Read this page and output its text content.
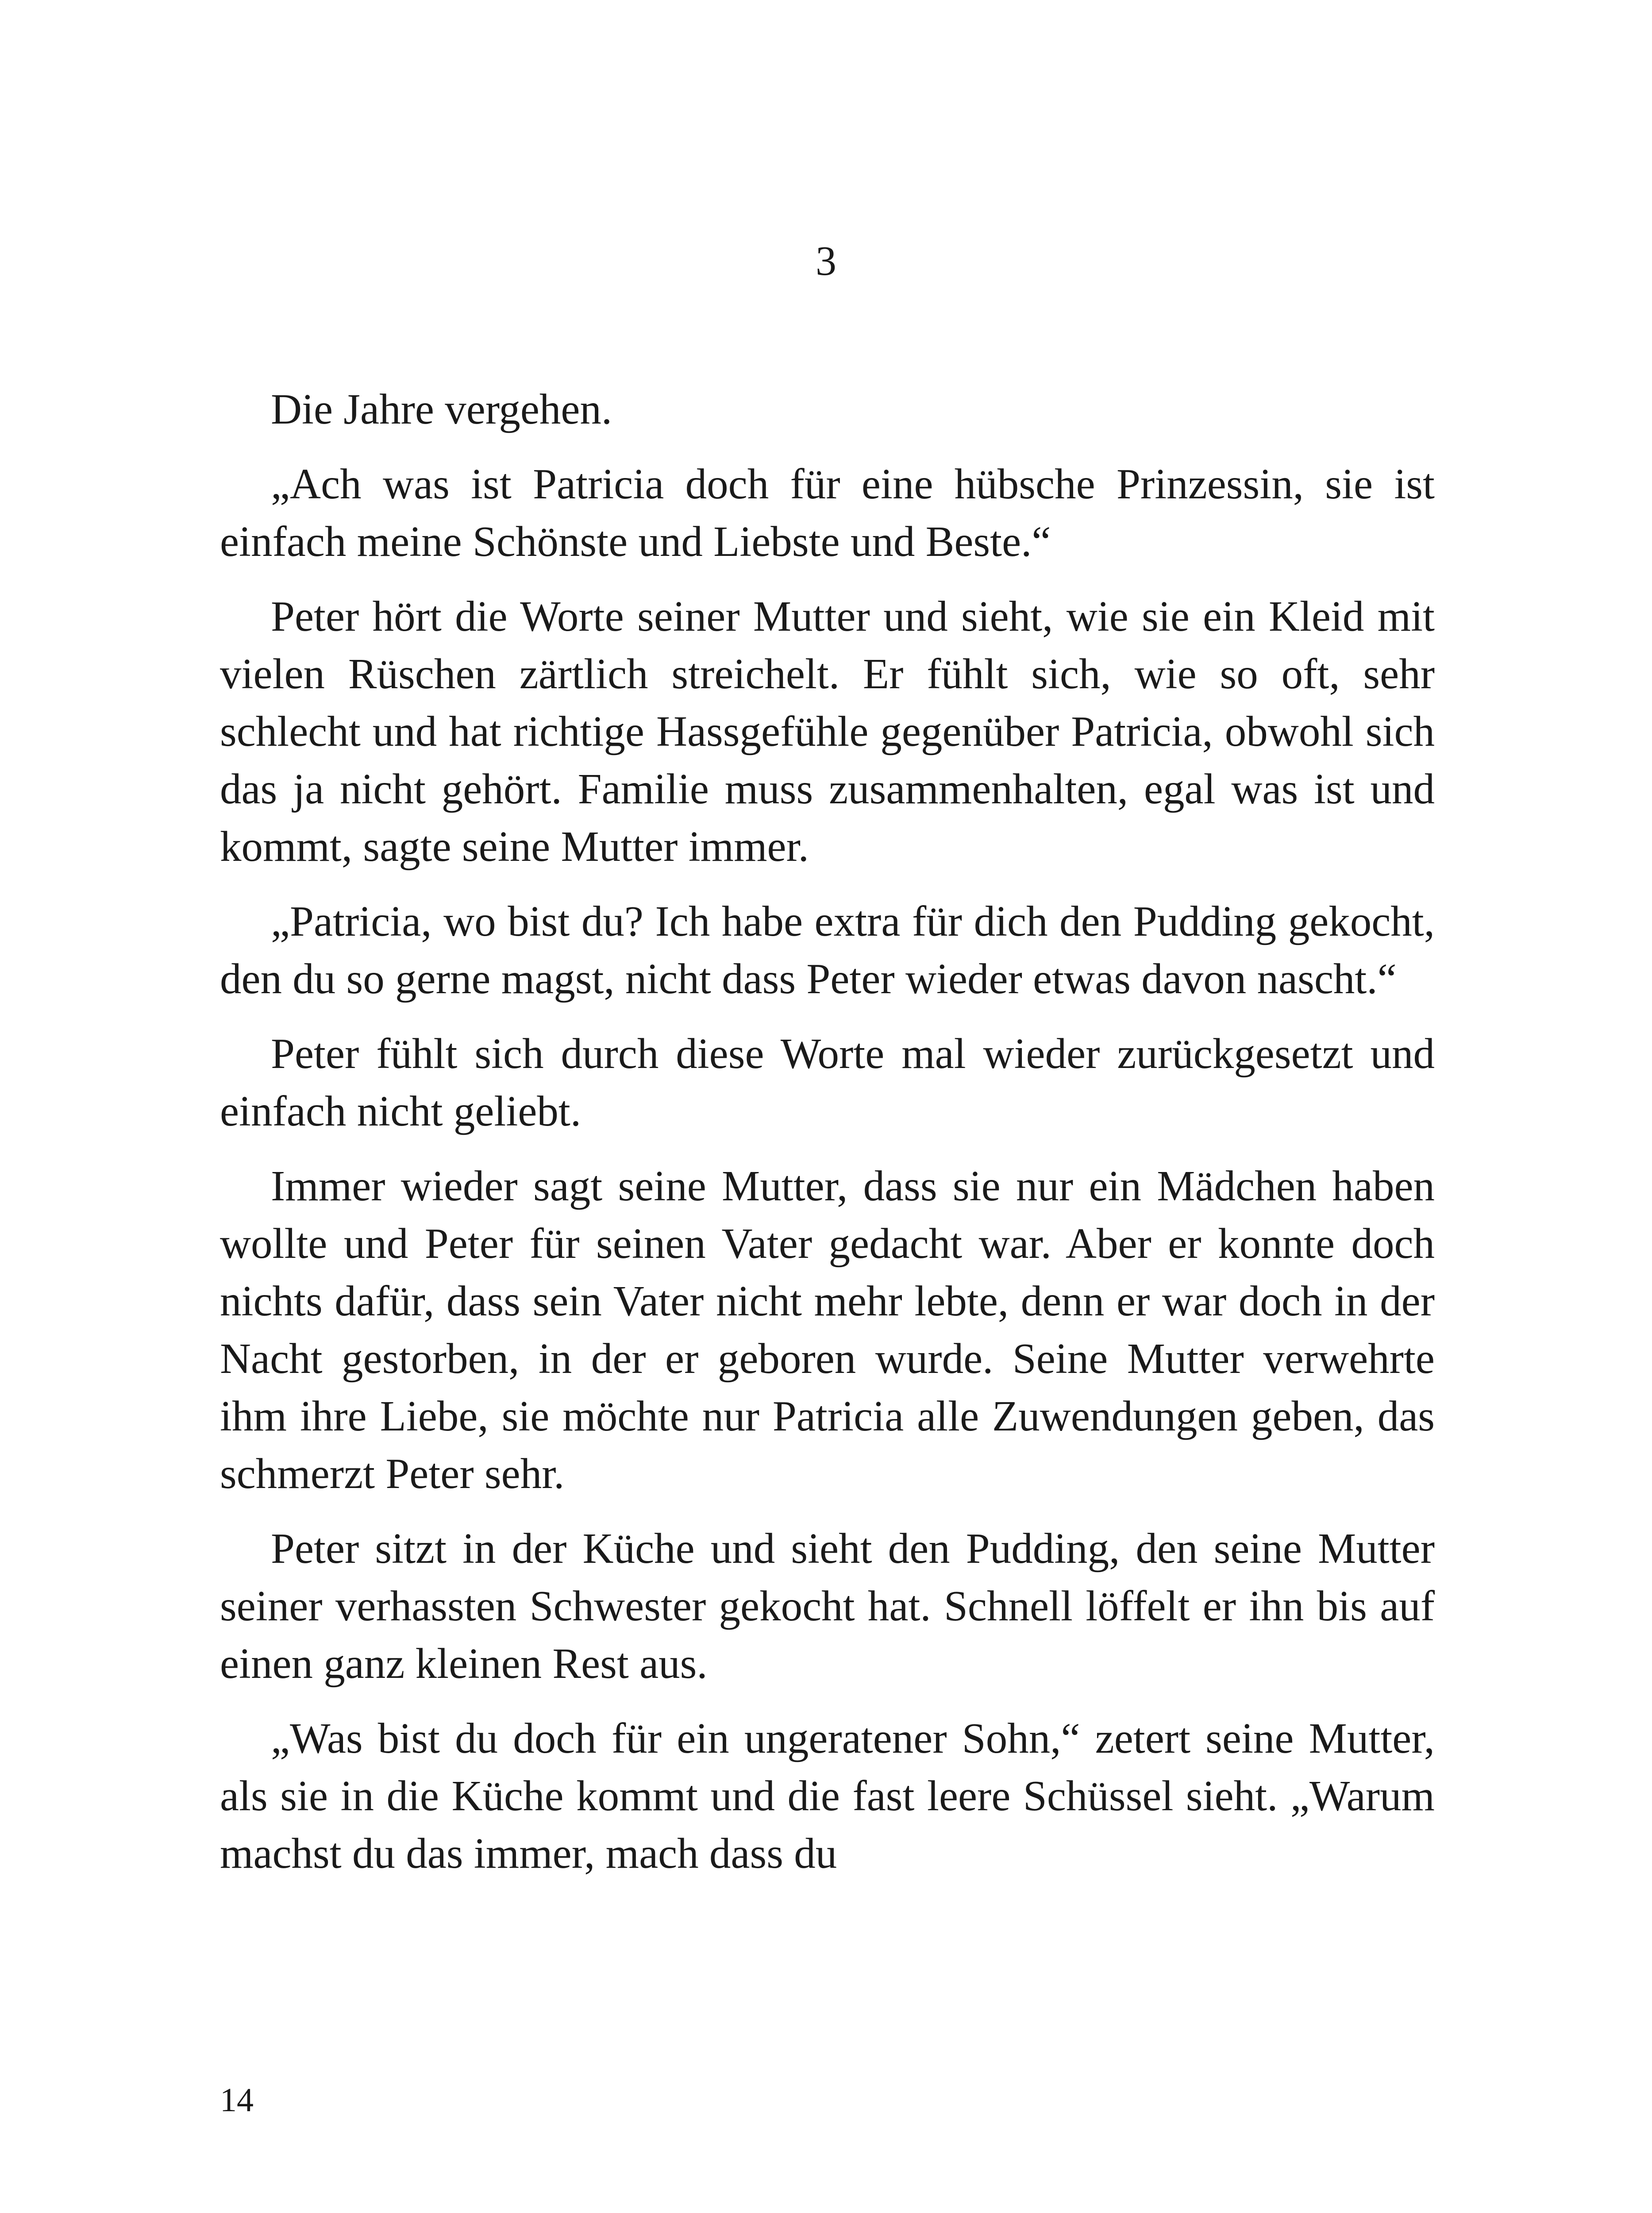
3

Die Jahre vergehen.

„Ach was ist Patricia doch für eine hübsche Prinzessin, sie ist einfach meine Schönste und Liebste und Beste.“

Peter hört die Worte seiner Mutter und sieht, wie sie ein Kleid mit vielen Rüschen zärtlich streichelt. Er fühlt sich, wie so oft, sehr schlecht und hat richtige Hassgefühle gegenüber Patricia, obwohl sich das ja nicht gehört. Familie muss zusammenhalten, egal was ist und kommt, sagte seine Mutter immer.

„Patricia, wo bist du? Ich habe extra für dich den Pudding gekocht, den du so gerne magst, nicht dass Peter wieder etwas davon nascht.“

Peter fühlt sich durch diese Worte mal wieder zurückgesetzt und einfach nicht geliebt.

Immer wieder sagt seine Mutter, dass sie nur ein Mädchen haben wollte und Peter für seinen Vater gedacht war. Aber er konnte doch nichts dafür, dass sein Vater nicht mehr lebte, denn er war doch in der Nacht gestorben, in der er geboren wurde. Seine Mutter verwehrte ihm ihre Liebe, sie möchte nur Patricia alle Zuwendungen geben, das schmerzt Peter sehr.

Peter sitzt in der Küche und sieht den Pudding, den seine Mutter seiner verhassten Schwester gekocht hat. Schnell löffelt er ihn bis auf einen ganz kleinen Rest aus.

„Was bist du doch für ein ungeratener Sohn,“ zetert seine Mutter, als sie in die Küche kommt und die fast leere Schüssel sieht. „Warum machst du das immer, mach dass du

14
